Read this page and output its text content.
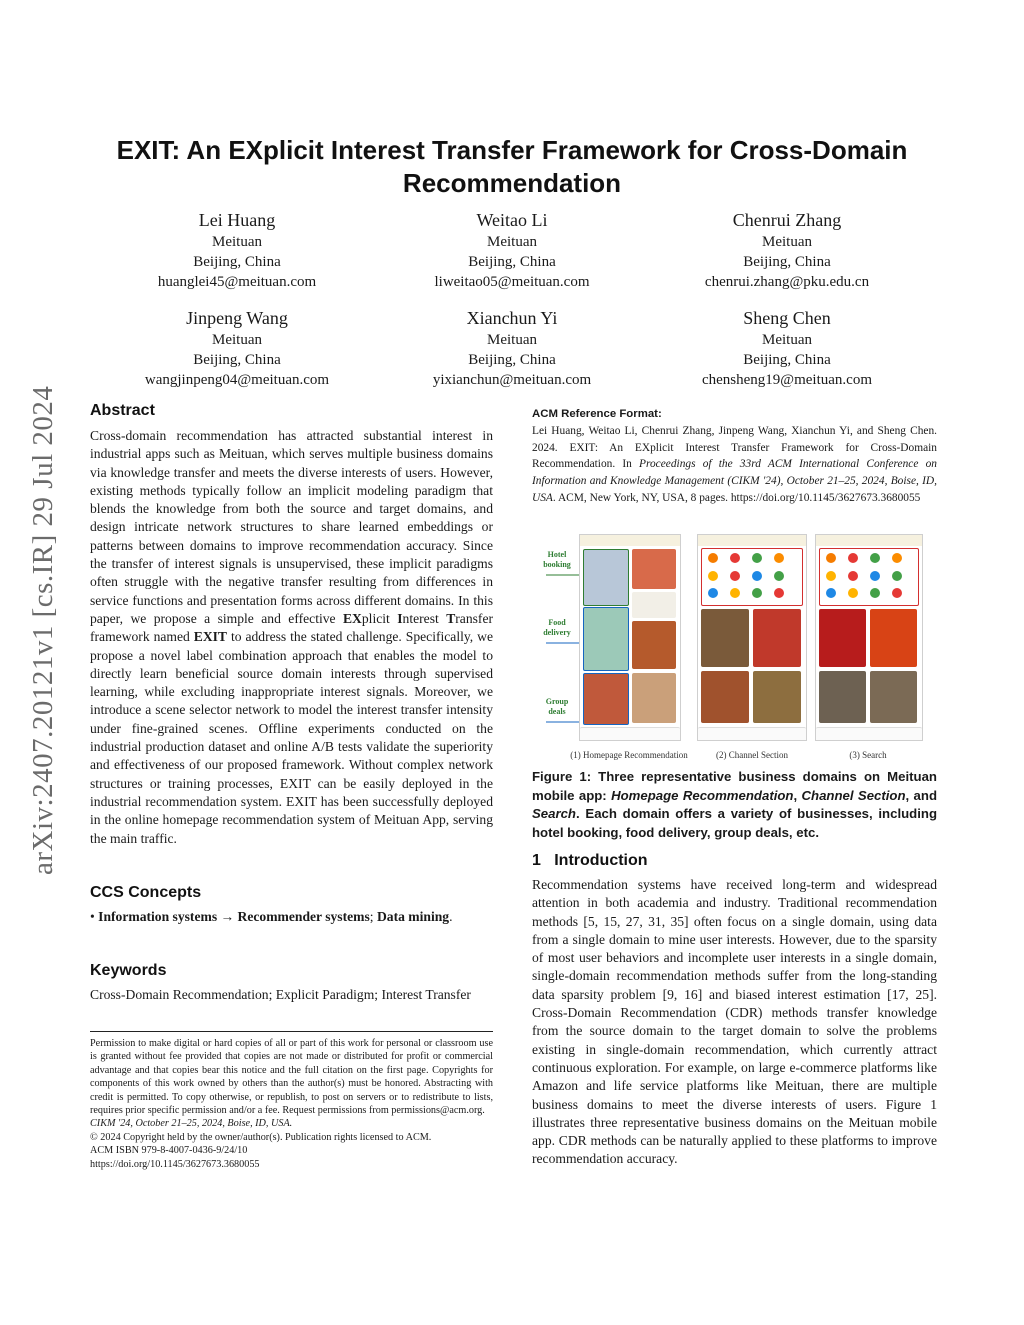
EXIT: An EXplicit Interest Transfer Framework for Cross-Domain Recommendation
Lei Huang
Meituan
Beijing, China
huanglei45@meituan.com
Weitao Li
Meituan
Beijing, China
liweitao05@meituan.com
Chenrui Zhang
Meituan
Beijing, China
chenrui.zhang@pku.edu.cn
Jinpeng Wang
Meituan
Beijing, China
wangjinpeng04@meituan.com
Xianchun Yi
Meituan
Beijing, China
yixianchun@meituan.com
Sheng Chen
Meituan
Beijing, China
chensheng19@meituan.com
arXiv:2407.20121v1 [cs.IR] 29 Jul 2024 Abstract
Cross-domain recommendation has attracted substantial interest in industrial apps such as Meituan, which serves multiple business domains via knowledge transfer and meets the diverse interests of users. However, existing methods typically follow an implicit modeling paradigm that blends the knowledge from both the source and target domains, and design intricate network structures to share learned embeddings or patterns between domains to improve recommendation accuracy. Since the transfer of interest signals is unsupervised, these implicit paradigms often struggle with the negative transfer resulting from differences in service functions and presentation forms across different domains. In this paper, we propose a simple and effective EXplicit Interest Transfer framework named EXIT to address the stated challenge. Specifically, we propose a novel label combination approach that enables the model to directly learn beneficial source domain interests through supervised learning, while excluding inappropriate interest signals. Moreover, we introduce a scene selector network to model the interest transfer intensity under fine-grained scenes. Offline experiments conducted on the industrial production dataset and online A/B tests validate the superiority and effectiveness of our proposed framework. Without complex network structures or training processes, EXIT can be easily deployed in the industrial recommendation system. EXIT has been successfully deployed in the online homepage recommendation system of Meituan App, serving the main traffic.
CCS Concepts
• Information systems → Recommender systems; Data mining.
Keywords
Cross-Domain Recommendation; Explicit Paradigm; Interest Transfer
Permission to make digital or hard copies of all or part of this work for personal or classroom use is granted without fee provided that copies are not made or distributed for profit or commercial advantage and that copies bear this notice and the full citation on the first page. Copyrights for components of this work owned by others than the author(s) must be honored. Abstracting with credit is permitted. To copy otherwise, or republish, to post on servers or to redistribute to lists, requires prior specific permission and/or a fee. Request permissions from permissions@acm.org.
CIKM '24, October 21–25, 2024, Boise, ID, USA.
© 2024 Copyright held by the owner/author(s). Publication rights licensed to ACM.
ACM ISBN 979-8-4007-0436-9/24/10
https://doi.org/10.1145/3627673.3680055
ACM Reference Format:
Lei Huang, Weitao Li, Chenrui Zhang, Jinpeng Wang, Xianchun Yi, and Sheng Chen. 2024. EXIT: An EXplicit Interest Transfer Framework for Cross-Domain Recommendation. In Proceedings of the 33rd ACM International Conference on Information and Knowledge Management (CIKM '24), October 21–25, 2024, Boise, ID, USA. ACM, New York, NY, USA, 8 pages. https://doi.org/10.1145/3627673.3680055
Hotel booking
Food delivery
Group deals
(1) Homepage Recommendation	(2) Channel Section	(3) Search
Figure 1: Three representative business domains on Meituan mobile app: Homepage Recommendation, Channel Section, and Search. Each domain offers a variety of businesses, including hotel booking, food delivery, group deals, etc.
1   Introduction
Recommendation systems have received long-term and widespread attention in both academia and industry. Traditional recommendation methods [5, 15, 27, 31, 35] often focus on a single domain, using data from a single domain to mine user interests. However, due to the sparsity of most user behaviors and incomplete user interests in a single domain, single-domain recommendation methods suffer from the long-standing data sparsity problem [9, 16] and biased interest estimation [17, 25]. Cross-Domain Recommendation (CDR) methods transfer knowledge from the source domain to the target domain to solve the problems existing in single-domain recommendation, which currently attract continuous exploration. For example, on large e-commerce platforms like Amazon and life service platforms like Meituan, there are multiple business domains to meet the diverse interests of users. Figure 1 illustrates three representative business domains on the Meituan mobile app. CDR methods can be naturally applied to these platforms to improve recommendation accuracy.
